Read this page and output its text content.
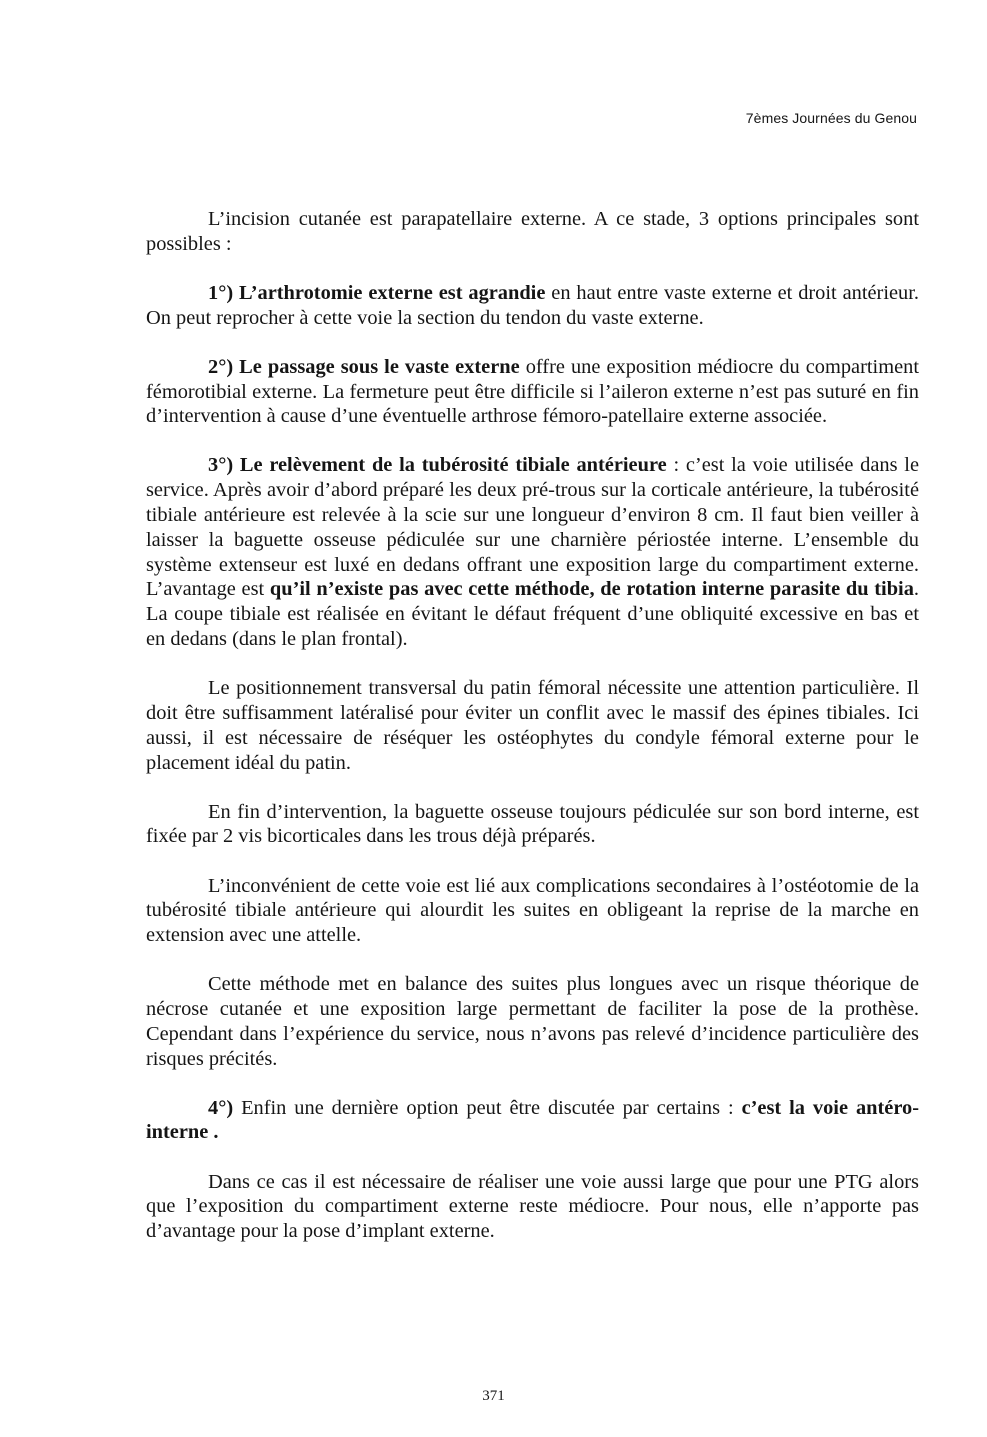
7èmes Journées du Genou

L’incision cutanée est parapatellaire externe. A ce stade, 3 options principales sont possibles :

1°) L’arthrotomie externe est agrandie en haut entre vaste externe et droit antérieur. On peut reprocher à cette voie la section du tendon du vaste externe.

2°) Le passage sous le vaste externe offre une exposition médiocre du compartiment fémorotibial externe. La fermeture peut être difficile si l’aileron externe n’est pas suturé en fin d’intervention à cause d’une éventuelle arthrose fémoro-patellaire externe associée.

3°) Le relèvement de la tubérosité tibiale antérieure : c’est la voie utilisée dans le service. Après avoir d’abord préparé les deux pré-trous sur la corticale antérieure, la tubérosité tibiale antérieure est relevée à la scie sur une longueur d’environ 8 cm. Il faut bien veiller à laisser la baguette osseuse pédiculée sur une charnière périostée interne. L’ensemble du système extenseur est luxé en dedans offrant une exposition large du compartiment externe. L’avantage est qu’il n’existe pas avec cette méthode, de rotation interne parasite du tibia. La coupe tibiale est réalisée en évitant le défaut fréquent d’une obliquité excessive en bas et en dedans (dans le plan frontal).

Le positionnement transversal du patin fémoral nécessite une attention particulière. Il doit être suffisamment latéralisé pour éviter un conflit avec le massif des épines tibiales. Ici aussi, il est nécessaire de réséquer les ostéophytes du condyle fémoral externe pour le placement idéal du patin.

En fin d’intervention, la baguette osseuse toujours pédiculée sur son bord interne, est fixée par 2 vis bicorticales dans les trous déjà préparés.

L’inconvénient de cette voie est lié aux complications secondaires à l’ostéotomie de la tubérosité tibiale antérieure qui alourdit les suites en obligeant la reprise de la marche en extension avec une attelle.

Cette méthode met en balance des suites plus longues avec un risque théorique de nécrose cutanée et une exposition large permettant de faciliter la pose de la prothèse. Cependant dans l’expérience du service, nous n’avons pas relevé d’incidence particulière des risques précités.

4°) Enfin une dernière option peut être discutée par certains : c’est la voie antéro-interne .

Dans ce cas il est nécessaire de réaliser une voie aussi large que pour une PTG alors que l’exposition du compartiment externe reste médiocre. Pour nous, elle n’apporte pas d’avantage pour la pose d’implant externe.

371
